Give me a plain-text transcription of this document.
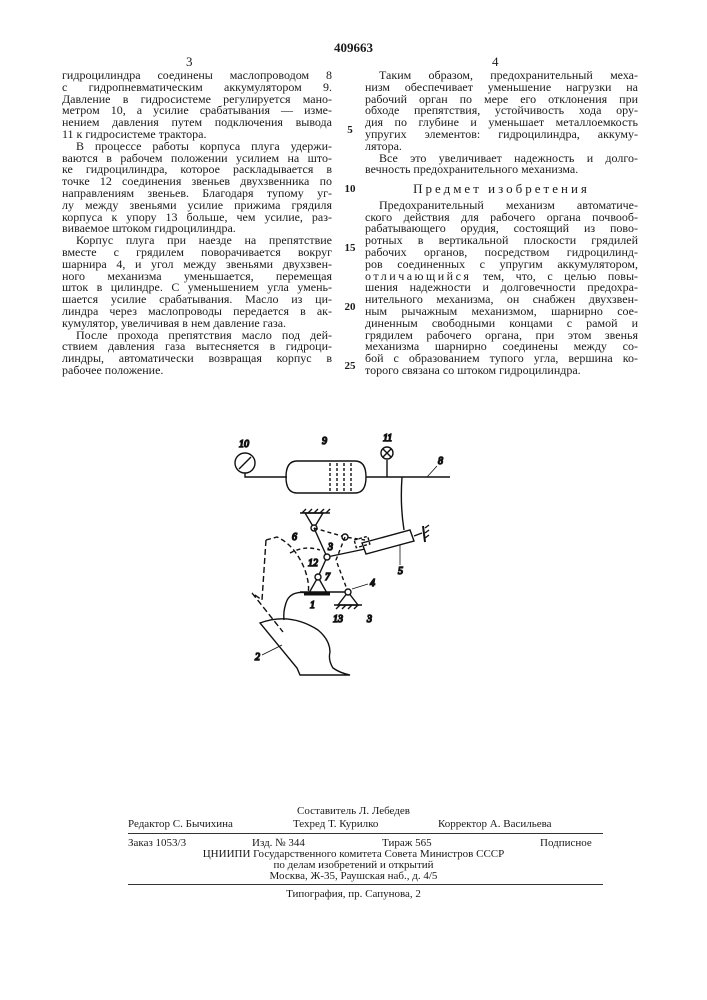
409663
3	4
5
10
15
20
25
гидроцилиндра соединены маслопроводом 8
с гидропневматическим аккумулятором 9.
Давление в гидросистеме регулируется мано-
метром 10, а усилие срабатывания — изме-
нением давления путем подключения вывода
11 к гидросистеме трактора.
В процессе работы корпуса плуга удержи-
ваются в рабочем положении усилием на што-
ке гидроцилиндра, которое раскладывается в
точке 12 соединения звеньев двухзвенника по
направлениям звеньев. Благодаря тупому уг-
лу между звеньями усилие прижима грядиля
корпуса к упору 13 больше, чем усилие, раз-
виваемое штоком гидроцилиндра.
Корпус плуга при наезде на препятствие
вместе с грядилем поворачивается вокруг
шарнира 4, и угол между звеньями двухзвен-
ного механизма уменьшается, перемещая
шток в цилиндре. С уменьшением угла умень-
шается усилие срабатывания. Масло из ци-
линдра через маслопроводы передается в ак-
кумулятор, увеличивая в нем давление газа.
После прохода препятствия масло под дей-
ствием давления газа вытесняется в гидроци-
линдры, автоматически возвращая корпус в
рабочее положение.
Таким образом, предохранительный меха-
низм обеспечивает уменьшение нагрузки на
рабочий орган по мере его отклонения при
обходе препятствия, устойчивость хода ору-
дия по глубине и уменьшает металлоемкость
упругих элементов: гидроцилиндра, аккуму-
лятора.
Все это увеличивает надежность и долго-
вечность предохранительного механизма.
Предмет изобретения
Предохранительный механизм автоматиче-
ского действия для рабочего органа почвооб-
рабатывающего орудия, состоящий из пово-
ротных в вертикальной плоскости грядилей
рабочих органов, посредством гидроцилинд-
ров соединенных с упругим аккумулятором,
отличающийся тем, что, с целью повы-
шения надежности и долговечности предохра-
нительного механизма, он снабжен двухзвен-
ным рычажным механизмом, шарнирно сое-
диненным свободными концами с рамой и
грядилем рабочего органа, при этом звенья
механизма шарнирно соединены между со-
бой с образованием тупого угла, вершина ко-
торого связана со штоком гидроцилиндра.
10	9	11
8
6
3
12
7
5
4
3
1
13
2
Составитель Л. Лебедев
Редактор С. Бычихина	Техред Т. Курилко	Корректор А. Васильева
Заказ 1053/3	Изд. № 344	Тираж 565	Подписное
ЦНИИПИ Государственного комитета Совета Министров СССР
по делам изобретений и открытий
Москва, Ж-35, Раушская наб., д. 4/5
Типография, пр. Сапунова, 2
